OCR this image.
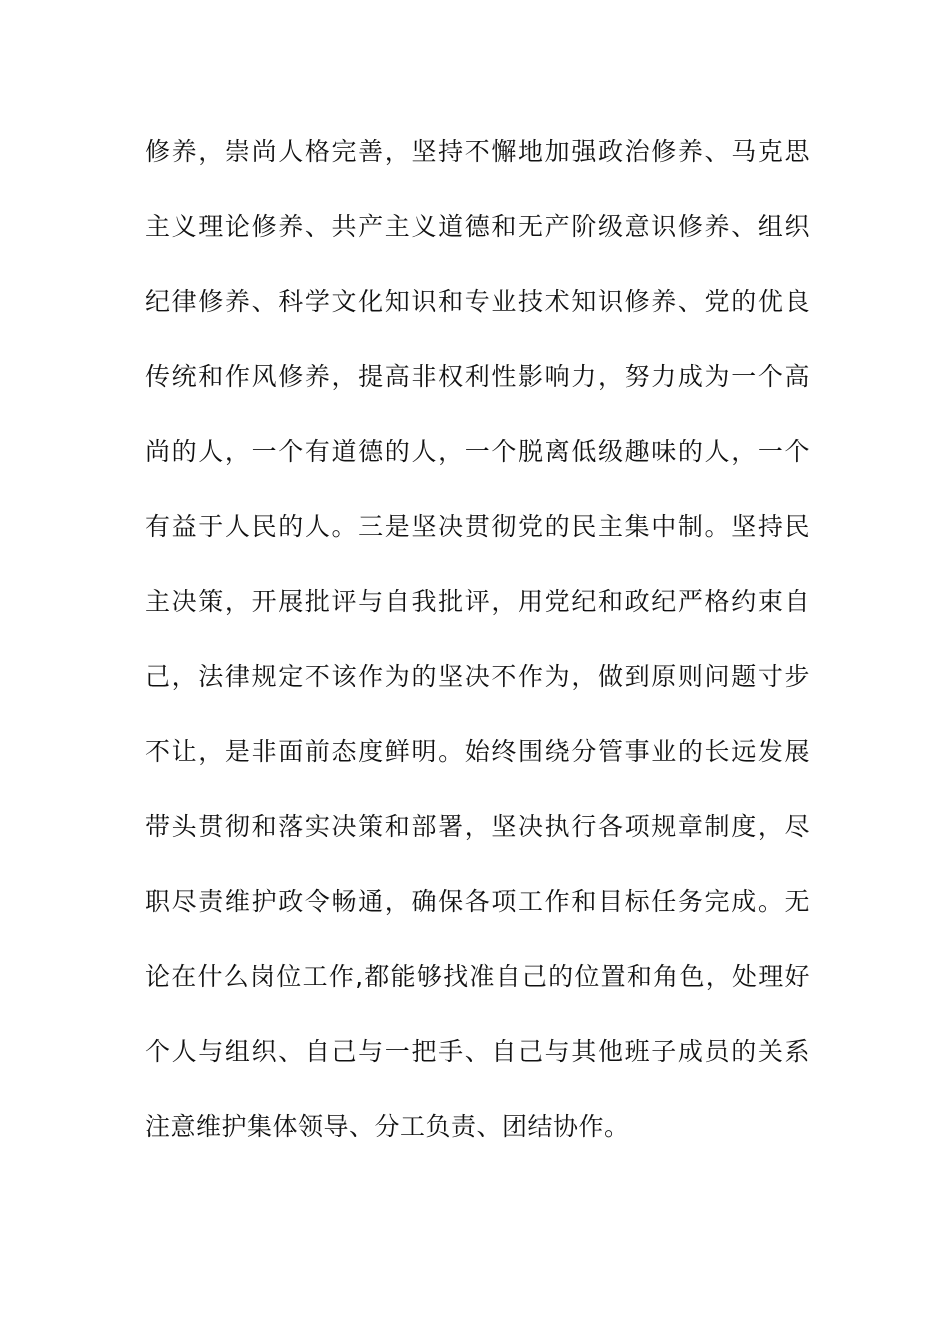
修养，崇尚人格完善，坚持不懈地加强政治修养、马克思
主义理论修养、共产主义道德和无产阶级意识修养、组织
纪律修养、科学文化知识和专业技术知识修养、党的优良
传统和作风修养，提高非权利性影响力，努力成为一个高
尚的人，一个有道德的人，一个脱离低级趣味的人，一个
有益于人民的人。三是坚决贯彻党的民主集中制。坚持民
主决策，开展批评与自我批评，用党纪和政纪严格约束自
己，法律规定不该作为的坚决不作为，做到原则问题寸步
不让，是非面前态度鲜明。始终围绕分管事业的长远发展
带头贯彻和落实决策和部署，坚决执行各项规章制度，尽
职尽责维护政令畅通，确保各项工作和目标任务完成。无
论在什么岗位工作,都能够找准自己的位置和角色，处理好
个人与组织、自己与一把手、自己与其他班子成员的关系
注意维护集体领导、分工负责、团结协作。
